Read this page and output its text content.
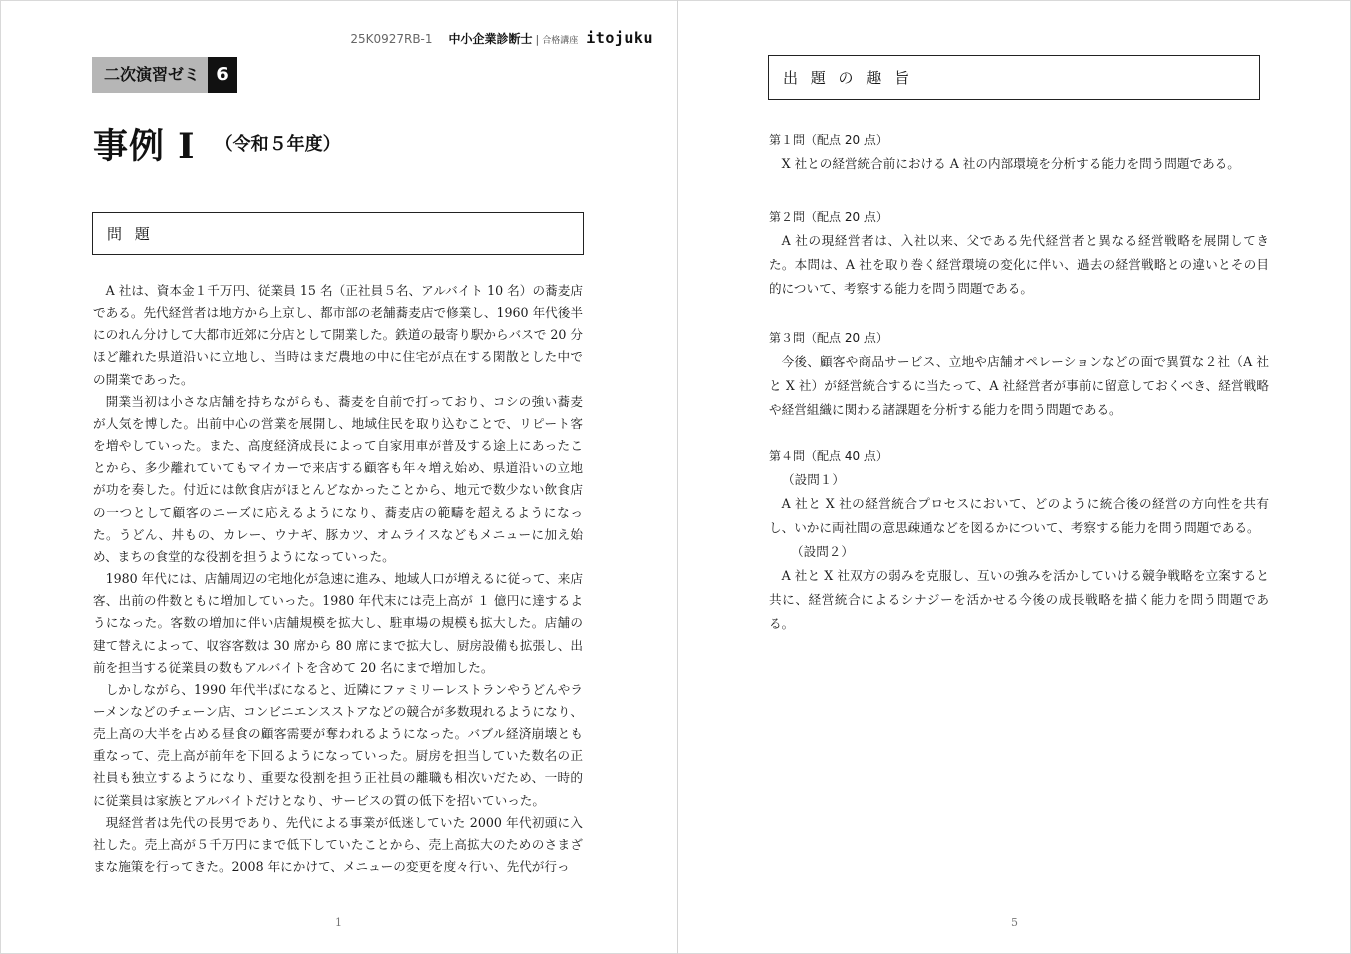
25K0927RB-1 中小企業診断士 | 合格講座 itojuku
二次演習ゼミ 6
事例 I （令和５年度）
問 題

A 社は、資本金１千万円、従業員 15 名（正社員５名、アルバイト 10 名）の蕎麦店である。先代経営者は地方から上京し、都市部の老舗蕎麦店で修業し、1960 年代後半にのれん分けして大都市近郊に分店として開業した。鉄道の最寄り駅からバスで 20 分ほど離れた県道沿いに立地し、当時はまだ農地の中に住宅が点在する閑散とした中での開業であった。

開業当初は小さな店舗を持ちながらも、蕎麦を自前で打っており、コシの強い蕎麦が人気を博した。出前中心の営業を展開し、地域住民を取り込むことで、リピート客を増やしていった。また、高度経済成長によって自家用車が普及する途上にあったことから、多少離れていてもマイカーで来店する顧客も年々増え始め、県道沿いの立地が功を奏した。付近には飲食店がほとんどなかったことから、地元で数少ない飲食店の一つとして顧客のニーズに応えるようになり、蕎麦店の範疇を超えるようになった。うどん、丼もの、カレー、ウナギ、豚カツ、オムライスなどもメニューに加え始め、まちの食堂的な役割を担うようになっていった。

1980 年代には、店舗周辺の宅地化が急速に進み、地域人口が増えるに従って、来店客、出前の件数ともに増加していった。1980 年代末には売上高が １ 億円に達するようになった。客数の増加に伴い店舗規模を拡大し、駐車場の規模も拡大した。店舗の建て替えによって、収容客数は 30 席から 80 席にまで拡大し、厨房設備も拡張し、出前を担当する従業員の数もアルバイトを含めて 20 名にまで増加した。

しかしながら、1990 年代半ばになると、近隣にファミリーレストランやうどんやラーメンなどのチェーン店、コンビニエンスストアなどの競合が多数現れるようになり、売上高の大半を占める昼食の顧客需要が奪われるようになった。バブル経済崩壊とも重なって、売上高が前年を下回るようになっていった。厨房を担当していた数名の正社員も独立するようになり、重要な役割を担う正社員の離職も相次いだため、一時的に従業員は家族とアルバイトだけとなり、サービスの質の低下を招いていった。

現経営者は先代の長男であり、先代による事業が低迷していた 2000 年代初頭に入社した。売上高が５千万円にまで低下していたことから、売上高拡大のためのさまざまな施策を行ってきた。2008 年にかけて、メニューの変更を度々行い、先代が行っ

1
出 題 の 趣 旨
第１問（配点 20 点）
X 社との経営統合前における A 社の内部環境を分析する能力を問う問題である。
第２問（配点 20 点）
A 社の現経営者は、入社以来、父である先代経営者と異なる経営戦略を展開してきた。本問は、A 社を取り巻く経営環境の変化に伴い、過去の経営戦略との違いとその目的について、考察する能力を問う問題である。
第３問（配点 20 点）
今後、顧客や商品サービス、立地や店舗オペレーションなどの面で異質な２社（A 社と X 社）が経営統合するに当たって、A 社経営者が事前に留意しておくべき、経営戦略や経営組織に関わる諸課題を分析する能力を問う問題である。
第４問（配点 40 点）
（設問１）
A 社と X 社の経営統合プロセスにおいて、どのように統合後の経営の方向性を共有し、いかに両社間の意思疎通などを図るかについて、考察する能力を問う問題である。
（設問２）
A 社と X 社双方の弱みを克服し、互いの強みを活かしていける競争戦略を立案すると共に、経営統合によるシナジーを活かせる今後の成長戦略を描く能力を問う問題である。
5
